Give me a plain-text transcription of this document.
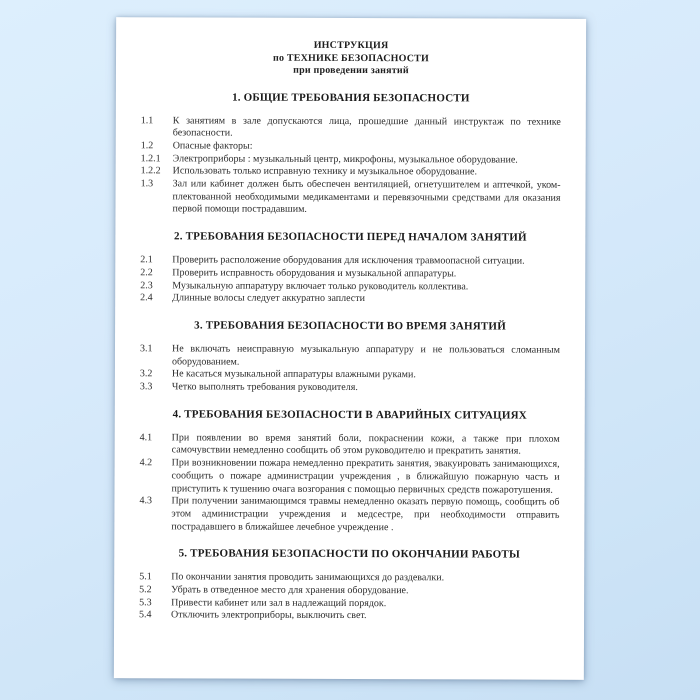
ИНСТРУКЦИЯ
по ТЕХНИКЕ БЕЗОПАСНОСТИ
при проведении занятий
1. ОБЩИЕ ТРЕБОВАНИЯ БЕЗОПАСНОСТИ
1.1	К занятиям в зале допускаются лица, прошедшие данный инструктаж по технике безопасности.
1.2	Опасные факторы:
1.2.1	Электроприборы : музыкальный центр, микрофоны, музыкальное оборудование.
1.2.2	Использовать только исправную технику и музыкальное оборудование.
1.3	Зал или кабинет должен быть обеспечен вентиляцией, огнетушителем и аптечкой, укомплектованной необходимыми медикаментами и перевязочными средствами для оказания первой помощи пострадавшим.
2. ТРЕБОВАНИЯ БЕЗОПАСНОСТИ ПЕРЕД НАЧАЛОМ ЗАНЯТИЙ
2.1	Проверить расположение оборудования для исключения травмоопасной ситуации.
2.2	Проверить исправность оборудования и музыкальной аппаратуры.
2.3	Музыкальную аппаратуру включает только руководитель коллектива.
2.4	Длинные волосы следует аккуратно заплести
3. ТРЕБОВАНИЯ БЕЗОПАСНОСТИ ВО ВРЕМЯ ЗАНЯТИЙ
3.1	Не включать неисправную музыкальную аппаратуру и не пользоваться сломанным оборудованием.
3.2	Не касаться музыкальной аппаратуры влажными руками.
3.3	Четко выполнять требования руководителя.
4. ТРЕБОВАНИЯ БЕЗОПАСНОСТИ В АВАРИЙНЫХ СИТУАЦИЯХ
4.1	При появлении во время занятий боли, покраснении кожи, а также при плохом самочувствии немедленно сообщить об этом руководителю и прекратить занятия.
4.2	При возникновении пожара немедленно прекратить занятия, эвакуировать занимающихся, сообщить о пожаре администрации учреждения , в ближайшую пожарную часть и приступить к тушению очага возгорания с помощью первичных средств пожаротушения.
4.3	При получении занимающимся травмы немедленно оказать первую помощь, сообщить об этом администрации учреждения и медсестре, при необходимости отправить пострадавшего в ближайшее лечебное учреждение .
5. ТРЕБОВАНИЯ БЕЗОПАСНОСТИ ПО ОКОНЧАНИИ РАБОТЫ
5.1	По окончании занятия проводить занимающихся до раздевалки.
5.2	Убрать в отведенное место для хранения оборудование.
5.3	Привести кабинет или зал в надлежащий порядок.
5.4	Отключить электроприборы, выключить свет.
